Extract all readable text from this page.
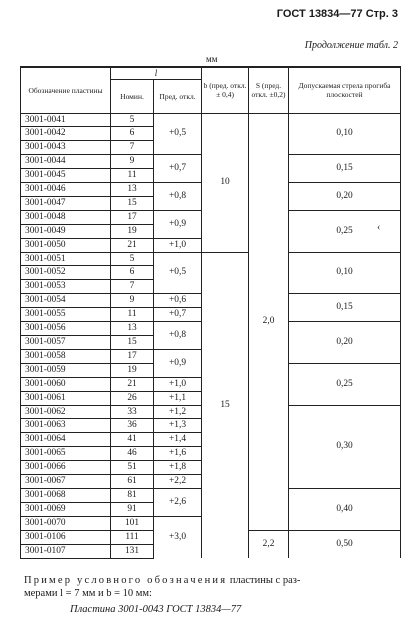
ГОСТ 13834—77 Стр. 3
Продолжение табл. 2
мм
Обозначение пластины	l		b (пред. откл. ± 0,4)	S (пред. откл. ±0,2)	Допускаемая стрела прогиба плоскостей
	Номин.	Пред. откл.			
3001-0041	5	+0,5	10	2,0	0,10
3001-0042	6				
3001-0043	7				
3001-0044	9	+0,7			0,15
3001-0045	11				
3001-0046	13	+0,8			0,20
3001-0047	15				
3001-0048	17	+0,9			0,25
3001-0049	19				
3001-0050	21	+1,0			
3001-0051	5	+0,5	15		0,10
3001-0052	6				
3001-0053	7				
3001-0054	9	+0,6			0,15
3001-0055	11	+0,7			
3001-0056	13	+0,8			0,20
3001-0057	15				
3001-0058	17	+0,9			
3001-0059	19				0,25
3001-0060	21	+1,0			
3001-0061	26	+1,1			
3001-0062	33	+1,2			0,30
3001-0063	36	+1,3			
3001-0064	41	+1,4			
3001-0065	46	+1,6			
3001-0066	51	+1,8			
3001-0067	61	+2,2			
3001-0068	81	+2,6			0,40
3001-0069	91				
3001-0070	101	+3,0			
3001-0106	111			2,2	0,50
3001-0107	131				
‹
Пример условного обозначения пластины с раз-
мерами l = 7 мм и b = 10 мм:
Пластина 3001-0043 ГОСТ 13834—77
